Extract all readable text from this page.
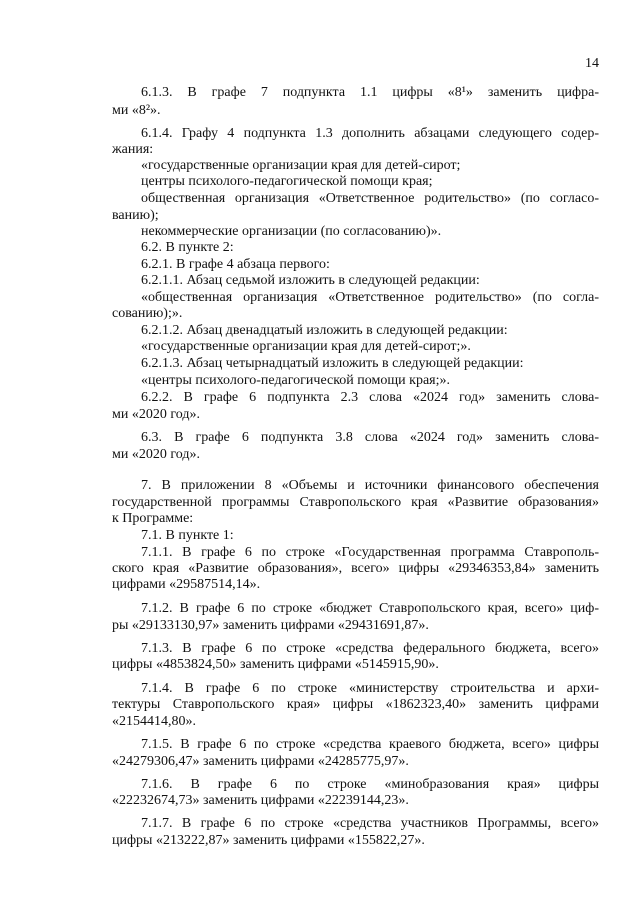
14
6.1.3. В графе 7 подпункта 1.1 цифры «8¹» заменить цифра-
ми «8²».
6.1.4. Графу 4 подпункта 1.3 дополнить абзацами следующего содер-
жания:
«государственные организации края для детей-сирот;
центры психолого-педагогической помощи края;
общественная организация «Ответственное родительство» (по согласо-
ванию);
некоммерческие организации (по согласованию)».
6.2. В пункте 2:
6.2.1. В графе 4 абзаца первого:
6.2.1.1. Абзац седьмой изложить в следующей редакции:
«общественная организация «Ответственное родительство» (по согла-
сованию);».
6.2.1.2. Абзац двенадцатый изложить в следующей редакции:
«государственные организации края для детей-сирот;».
6.2.1.3. Абзац четырнадцатый изложить в следующей редакции:
«центры психолого-педагогической помощи края;».
6.2.2. В графе 6 подпункта 2.3 слова «2024 год» заменить слова-
ми «2020 год».
6.3. В графе 6 подпункта 3.8 слова «2024 год» заменить слова-
ми «2020 год».
7. В приложении 8 «Объемы и источники финансового обеспечения
государственной программы Ставропольского края «Развитие образования»
к Программе:
7.1. В пункте 1:
7.1.1. В графе 6 по строке «Государственная программа Ставрополь-
ского края «Развитие образования», всего» цифры «29346353,84» заменить
цифрами «29587514,14».
7.1.2. В графе 6 по строке «бюджет Ставропольского края, всего» циф-
ры «29133130,97» заменить цифрами «29431691,87».
7.1.3. В графе 6 по строке «средства федерального бюджета, всего»
цифры «4853824,50» заменить цифрами «5145915,90».
7.1.4. В графе 6 по строке «министерству строительства и архи-
тектуры Ставропольского края» цифры «1862323,40» заменить цифрами
«2154414,80».
7.1.5. В графе 6 по строке «средства краевого бюджета, всего» цифры
«24279306,47» заменить цифрами «24285775,97».
7.1.6. В графе 6 по строке «минобразования края» цифры
«22232674,73» заменить цифрами «22239144,23».
7.1.7. В графе 6 по строке «средства участников Программы, всего»
цифры «213222,87» заменить цифрами «155822,27».
